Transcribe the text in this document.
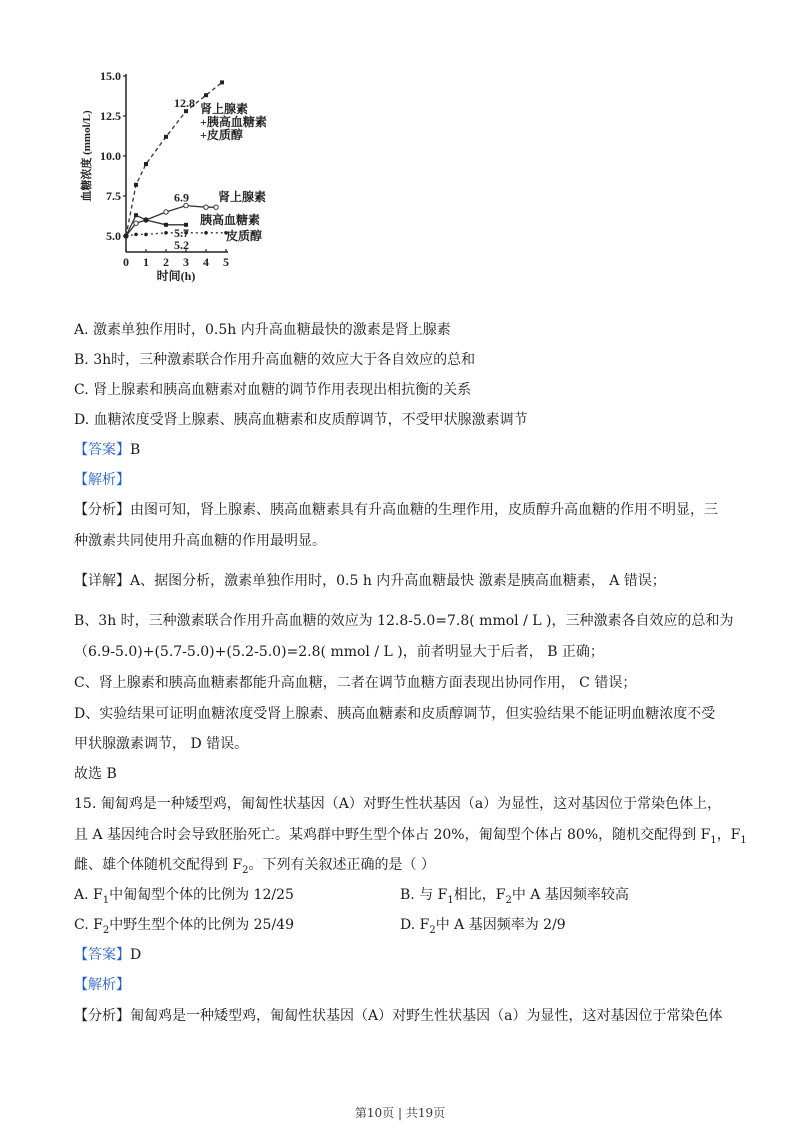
5.0
7.5
10.0
12.5
15.0
0 1 2 3 4 5
时间(h)
血糖浓度 (mmol/L)
肾上腺素
+胰高血糖素
+皮质醇
肾上腺素
胰高血糖素
皮质醇
12.8
6.9
5.7
5.2
A. 激素单独作用时，0.5h 内升高血糖最快的激素是肾上腺素
B. 3h时，三种激素联合作用升高血糖的效应大于各自效应的总和
C. 肾上腺素和胰高血糖素对血糖的调节作用表现出相抗衡的关系
D. 血糖浓度受肾上腺素、胰高血糖素和皮质醇调节，不受甲状腺激素调节
【答案】B
【解析】
【分析】由图可知，肾上腺素、胰高血糖素具有升高血糖的生理作用，皮质醇升高血糖的作用不明显，三
种激素共同使用升高血糖的作用最明显。
【详解】A、据图分析，激素单独作用时，0.5 h 内升高血糖最快 激素是胰高血糖素， A 错误；
B、3h 时，三种激素联合作用升高血糖的效应为 12.8-5.0=7.8( mmol / L )，三种激素各自效应的总和为
（6.9-5.0)+(5.7-5.0)+(5.2-5.0)=2.8( mmol / L )，前者明显大于后者， B 正确；
C、肾上腺素和胰高血糖素都能升高血糖，二者在调节血糖方面表现出协同作用， C 错误；
D、实验结果可证明血糖浓度受肾上腺素、胰高血糖素和皮质醇调节，但实验结果不能证明血糖浓度不受
甲状腺激素调节， D 错误。
故选 B
15. 匍匐鸡是一种矮型鸡，匍匐性状基因（A）对野生性状基因（a）为显性，这对基因位于常染色体上，
且 A 基因纯合时会导致胚胎死亡。某鸡群中野生型个体占 20%，匍匐型个体占 80%，随机交配得到 $F_1$，$F_1$
雌、雄个体随机交配得到 $F_2$。下列有关叙述正确的是（ ）
A. $F_1$中匍匐型个体的比例为 12/25	B. 与 $F_1$相比，$F_2$中 A 基因频率较高
C. $F_2$中野生型个体的比例为 25/49	D. $F_2$中 A 基因频率为 2/9
【答案】D
【解析】
【分析】匍匐鸡是一种矮型鸡，匍匐性状基因（A）对野生性状基因（a）为显性，这对基因位于常染色体
第10页 | 共19页
